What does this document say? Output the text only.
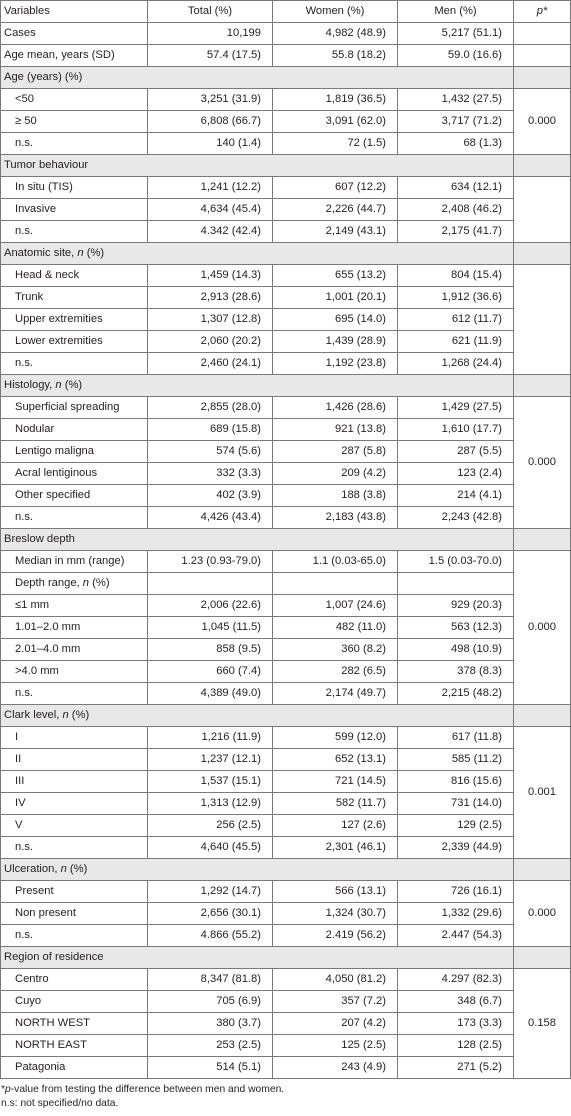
Variables	Total (%)	Women (%)	Men (%)	p*
Cases	10,199	4,982 (48.9)	5,217 (51.1)	
Age mean, years (SD)	57.4 (17.5)	55.8 (18.2)	59.0 (16.6)	
Age (years) (%)				
<50	3,251 (31.9)	1,819 (36.5)	1,432 (27.5)	0.000
≥ 50	6,808 (66.7)	3,091 (62.0)	3,717 (71.2)	
n.s.	140 (1.4)	72 (1.5)	68 (1.3)	
Tumor behaviour				
In situ (TIS)	1,241 (12.2)	607 (12.2)	634 (12.1)	
Invasive	4,634 (45.4)	2,226 (44.7)	2,408 (46.2)	
n.s.	4.342 (42.4)	2,149 (43.1)	2,175 (41.7)	
Anatomic site, n (%)				
Head & neck	1,459 (14.3)	655 (13.2)	804 (15.4)	
Trunk	2,913 (28.6)	1,001 (20.1)	1,912 (36.6)	
Upper extremities	1,307 (12.8)	695 (14.0)	612 (11.7)	
Lower extremities	2,060 (20.2)	1,439 (28.9)	621 (11.9)	
n.s.	2,460 (24.1)	1,192 (23.8)	1,268 (24.4)	
Histology, n (%)				
Superficial spreading	2,855 (28.0)	1,426 (28.6)	1,429 (27.5)	0.000
Nodular	689 (15.8)	921 (13.8)	1,610 (17.7)	
Lentigo maligna	574 (5.6)	287 (5.8)	287 (5.5)	
Acral lentiginous	332 (3.3)	209 (4.2)	123 (2.4)	
Other specified	402 (3.9)	188 (3.8)	214 (4.1)	
n.s.	4,426 (43.4)	2,183 (43.8)	2,243 (42.8)	
Breslow depth				
Median in mm (range)	1.23 (0.93-79.0)	1.1 (0.03-65.0)	1.5 (0.03-70.0)	0.000
Depth range, n (%)				
≤1 mm	2,006 (22.6)	1,007 (24.6)	929 (20.3)	
1.01–2.0 mm	1,045 (11.5)	482 (11.0)	563 (12.3)	
2.01–4.0 mm	858 (9.5)	360 (8.2)	498 (10.9)	
>4.0 mm	660 (7.4)	282 (6.5)	378 (8.3)	
n.s.	4,389 (49.0)	2,174 (49.7)	2,215 (48.2)	
Clark level, n (%)				
I	1,216 (11.9)	599 (12.0)	617 (11.8)	0.001
II	1,237 (12.1)	652 (13.1)	585 (11.2)	
III	1,537 (15.1)	721 (14.5)	816 (15.6)	
IV	1,313 (12.9)	582 (11.7)	731 (14.0)	
V	256 (2.5)	127 (2.6)	129 (2.5)	
n.s.	4,640 (45.5)	2,301 (46.1)	2,339 (44.9)	
Ulceration, n (%)				
Present	1,292 (14.7)	566 (13.1)	726 (16.1)	0.000
Non present	2,656 (30.1)	1,324 (30.7)	1,332 (29.6)	
n.s.	4.866 (55.2)	2.419 (56.2)	2.447 (54.3)	
Region of residence				
Centro	8,347 (81.8)	4,050 (81.2)	4.297 (82.3)	0.158
Cuyo	705 (6.9)	357 (7.2)	348 (6.7)	
NORTH WEST	380 (3.7)	207 (4.2)	173 (3.3)	
NORTH EAST	253 (2.5)	125 (2.5)	128 (2.5)	
Patagonia	514 (5.1)	243 (4.9)	271 (5.2)	
*p-value from testing the difference between men and women.
n.s: not specified/no data.
